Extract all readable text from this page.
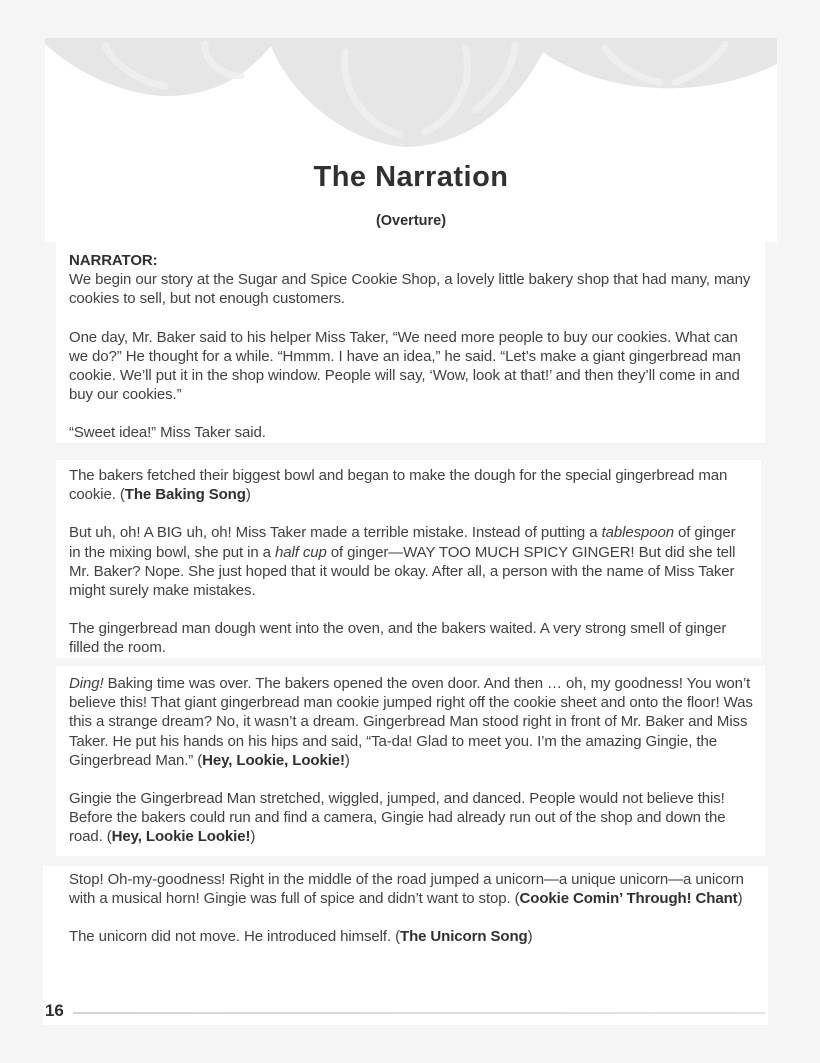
The Narration
(Overture)
NARRATOR:

We begin our story at the Sugar and Spice Cookie Shop, a lovely little bakery shop that had many, many cookies to sell, but not enough customers.

One day, Mr. Baker said to his helper Miss Taker, “We need more people to buy our cookies. What can we do?” He thought for a while. “Hmmm. I have an idea,” he said. “Let’s make a giant gingerbread man cookie. We’ll put it in the shop window. People will say, ‘Wow, look at that!’ and then they’ll come in and buy our cookies.”

“Sweet idea!” Miss Taker said.

The bakers fetched their biggest bowl and began to make the dough for the special gingerbread man cookie. (The Baking Song)

But uh, oh! A BIG uh, oh! Miss Taker made a terrible mistake. Instead of putting a tablespoon of ginger in the mixing bowl, she put in a half cup of ginger—WAY TOO MUCH SPICY GINGER! But did she tell Mr. Baker? Nope. She just hoped that it would be okay. After all, a person with the name of Miss Taker might surely make mistakes.

The gingerbread man dough went into the oven, and the bakers waited. A very strong smell of ginger filled the room.

Ding! Baking time was over. The bakers opened the oven door. And then … oh, my goodness! You won’t believe this! That giant gingerbread man cookie jumped right off the cookie sheet and onto the floor! Was this a strange dream? No, it wasn’t a dream. Gingerbread Man stood right in front of Mr. Baker and Miss Taker. He put his hands on his hips and said, “Ta-da! Glad to meet you. I’m the amazing Gingie, the Gingerbread Man.” (Hey, Lookie, Lookie!)

Gingie the Gingerbread Man stretched, wiggled, jumped, and danced. People would not believe this! Before the bakers could run and find a camera, Gingie had already run out of the shop and down the road. (Hey, Lookie Lookie!)

Stop! Oh-my-goodness! Right in the middle of the road jumped a unicorn—a unique unicorn—a unicorn with a musical horn! Gingie was full of spice and didn’t want to stop. (Cookie Comin’ Through! Chant)

The unicorn did not move. He introduced himself. (The Unicorn Song)

16
